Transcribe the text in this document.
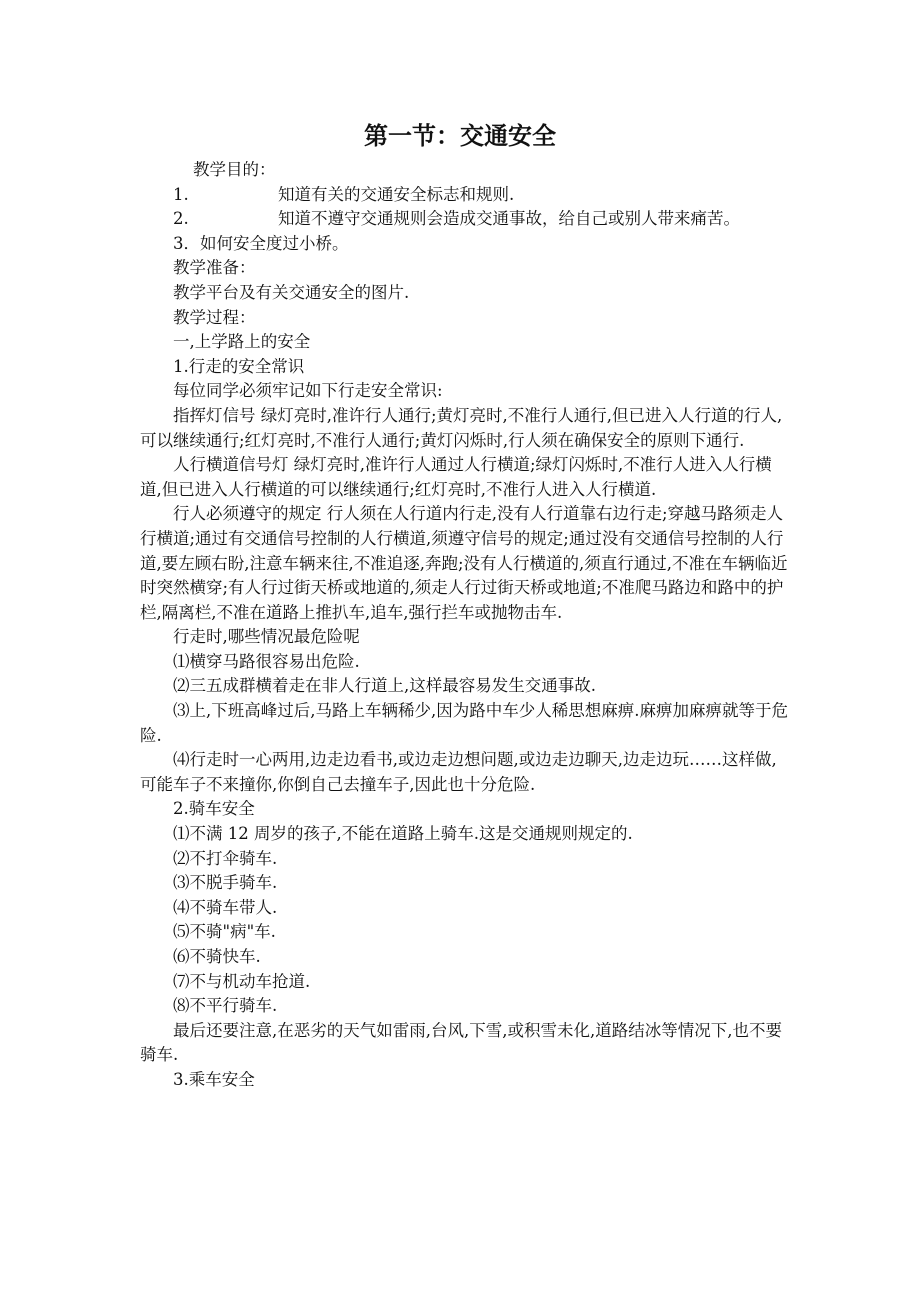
第一节：交通安全

教学目的：

1.	知道有关的交通安全标志和规则.

2.	知道不遵守交通规则会造成交通事故，给自己或别人带来痛苦。

3．如何安全度过小桥。

教学准备：

教学平台及有关交通安全的图片.

教学过程：

一,上学路上的安全

1.行走的安全常识

每位同学必须牢记如下行走安全常识:

指挥灯信号 绿灯亮时,准许行人通行;黄灯亮时,不准行人通行,但已进入人行道的行人,可以继续通行;红灯亮时,不准行人通行;黄灯闪烁时,行人须在确保安全的原则下通行.

人行横道信号灯 绿灯亮时,准许行人通过人行横道;绿灯闪烁时,不准行人进入人行横道,但已进入人行横道的可以继续通行;红灯亮时,不准行人进入人行横道.

行人必须遵守的规定 行人须在人行道内行走,没有人行道靠右边行走;穿越马路须走人行横道;通过有交通信号控制的人行横道,须遵守信号的规定;通过没有交通信号控制的人行道,要左顾右盼,注意车辆来往,不准追逐,奔跑;没有人行横道的,须直行通过,不准在车辆临近时突然横穿;有人行过街天桥或地道的,须走人行过街天桥或地道;不准爬马路边和路中的护栏,隔离栏,不准在道路上推扒车,追车,强行拦车或抛物击车.

行走时,哪些情况最危险呢

⑴横穿马路很容易出危险.

⑵三五成群横着走在非人行道上,这样最容易发生交通事故.

⑶上,下班高峰过后,马路上车辆稀少,因为路中车少人稀思想麻痹.麻痹加麻痹就等于危险.

⑷行走时一心两用,边走边看书,或边走边想问题,或边走边聊天,边走边玩……这样做,可能车子不来撞你,你倒自己去撞车子,因此也十分危险.

2.骑车安全

⑴不满 12 周岁的孩子,不能在道路上骑车.这是交通规则规定的.

⑵不打伞骑车.

⑶不脱手骑车.

⑷不骑车带人.

⑸不骑"病"车.

⑹不骑快车.

⑺不与机动车抢道.

⑻不平行骑车.

最后还要注意,在恶劣的天气如雷雨,台风,下雪,或积雪未化,道路结冰等情况下,也不要骑车.

3.乘车安全
